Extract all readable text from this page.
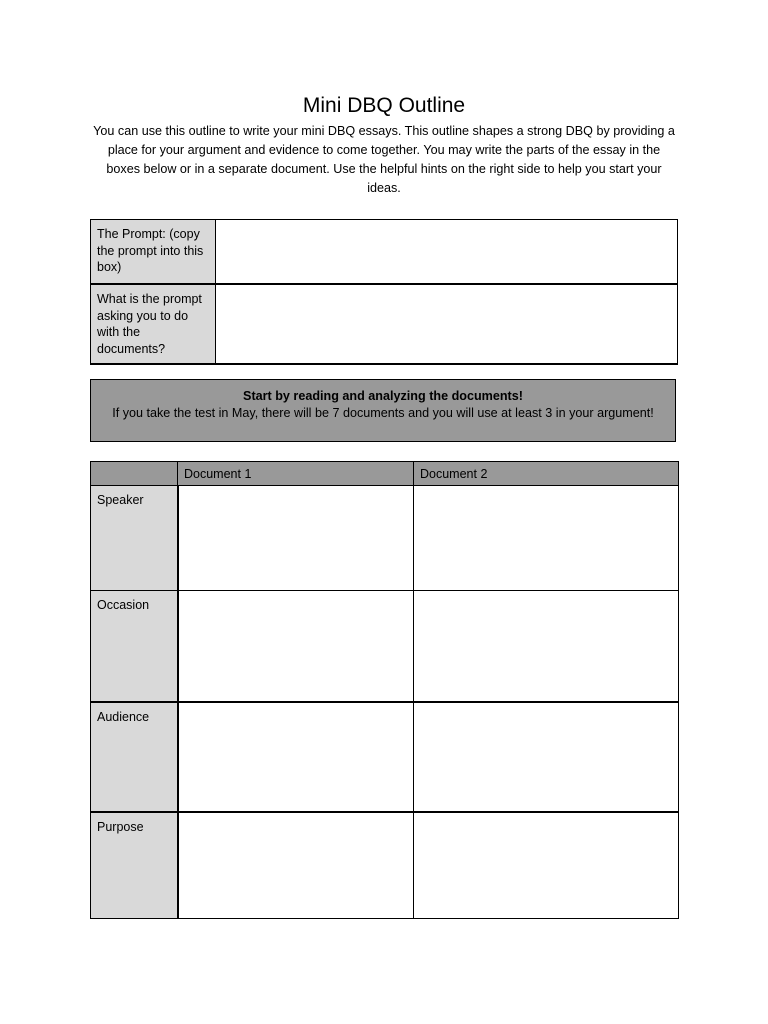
Mini DBQ Outline
You can use this outline to write your mini DBQ essays. This outline shapes a strong DBQ by providing a place for your argument and evidence to come together. You may write the parts of the essay in the boxes below or in a separate document. Use the helpful hints on the right side to help you start your ideas.
The Prompt: (copy the prompt into this box)	
What is the prompt asking you to do with the documents?	
Start by reading and analyzing the documents!
If you take the test in May, there will be 7 documents and you will use at least 3 in your argument!
	Document 1	Document 2
Speaker		
Occasion		
Audience		
Purpose		
